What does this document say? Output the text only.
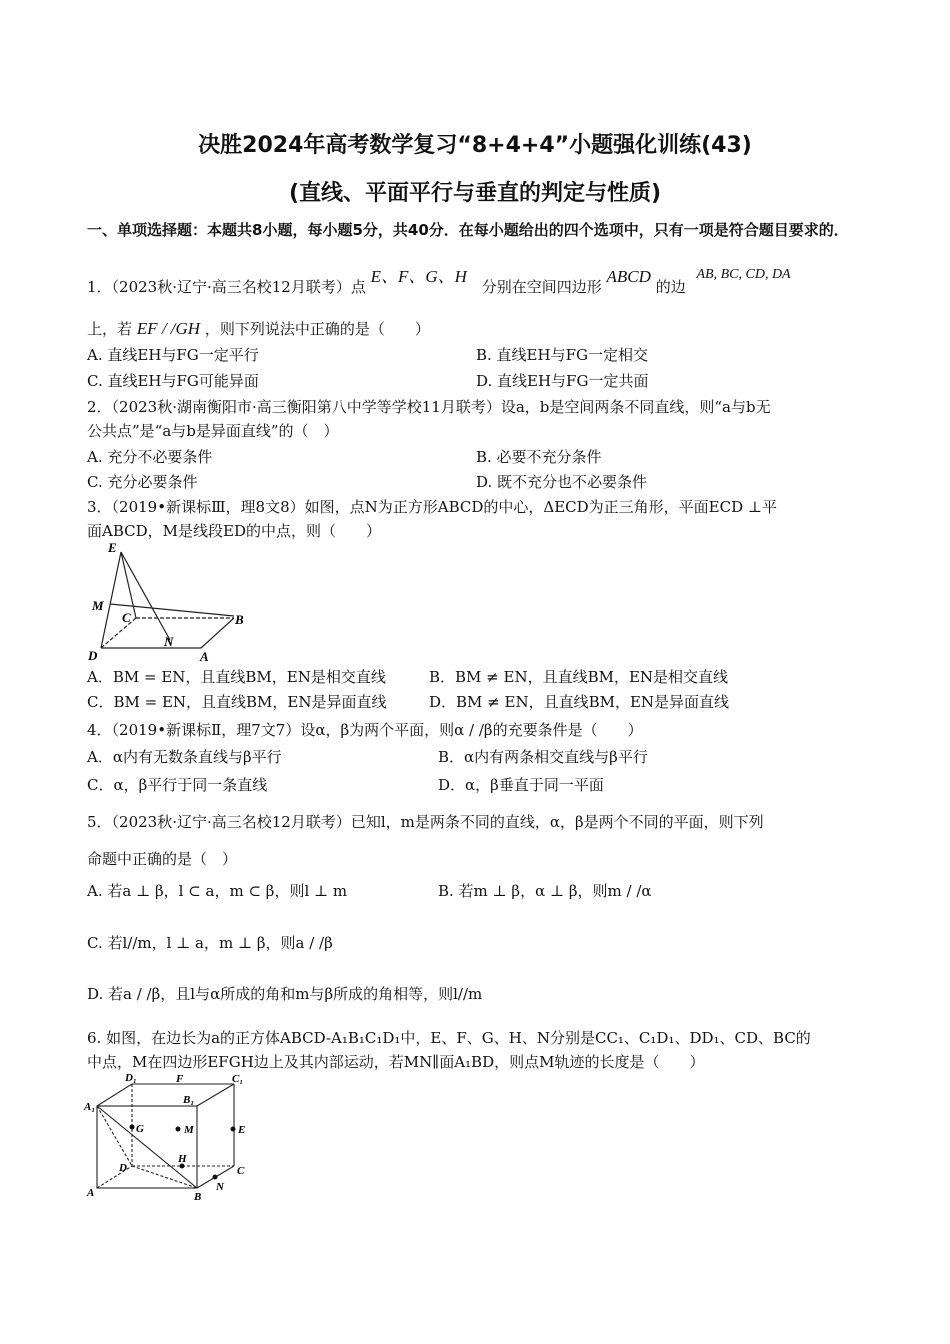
决胜2024年高考数学复习“8+4+4”小题强化训练(43)
(直线、平面平行与垂直的判定与性质)
一、单项选择题：本题共8小题，每小题5分，共40分．在每小题给出的四个选项中，只有一项是符合题目要求的．
1．（2023秋·辽宁·高三名校12月联考）点 E、F、G、H 分别在空间四边形 ABCD 的边 AB, BC, CD, DA
上，若 EF / /GH ，则下列说法中正确的是（　　）
A. 直线EH与FG一定平行	B. 直线EH与FG一定相交
C. 直线EH与FG可能异面	D. 直线EH与FG一定共面
2．（2023秋·湖南衡阳市·高三衡阳第八中学等学校11月联考）设a，b是空间两条不同直线，则“a与b无
公共点”是“a与b是异面直线”的（　）
A. 充分不必要条件	B. 必要不充分条件
C. 充分必要条件	D. 既不充分也不必要条件
3．（2019•新课标Ⅲ，理8文8）如图，点N为正方形ABCD的中心，ΔECD为正三角形，平面ECD ⊥平
面ABCD，M是线段ED的中点，则（　　）
E
M
C
N
B
D	A
A．BM = EN，且直线BM，EN是相交直线	B．BM ≠ EN，且直线BM，EN是相交直线
C．BM = EN，且直线BM，EN是异面直线	D．BM ≠ EN，且直线BM，EN是异面直线
4．（2019•新课标Ⅱ，理7文7）设α，β为两个平面，则α / /β的充要条件是（　　）
A．α内有无数条直线与β平行	B．α内有两条相交直线与β平行
C．α，β平行于同一条直线	D．α，β垂直于同一平面
5．（2023秋·辽宁·高三名校12月联考）已知l，m是两条不同的直线，α，β是两个不同的平面，则下列
命题中正确的是（　）
A. 若a ⊥ β，l ⊂ a，m ⊂ β，则l ⊥ m	B. 若m ⊥ β，α ⊥ β，则m / /α
C. 若l//m，l ⊥ a，m ⊥ β，则a / /β
D. 若a / /β，且l与α所成的角和m与β所成的角相等，则l//m
6. 如图，在边长为a的正方体ABCD-A₁B₁C₁D₁中，E、F、G、H、N分别是CC₁、C₁D₁、DD₁、CD、BC的
中点，M在四边形EFGH边上及其内部运动，若MN∥面A₁BD，则点M轨迹的长度是（　　）
D₁	F	C₁
A₁
B₁
G	M	E
H
D	C
N
A	B
